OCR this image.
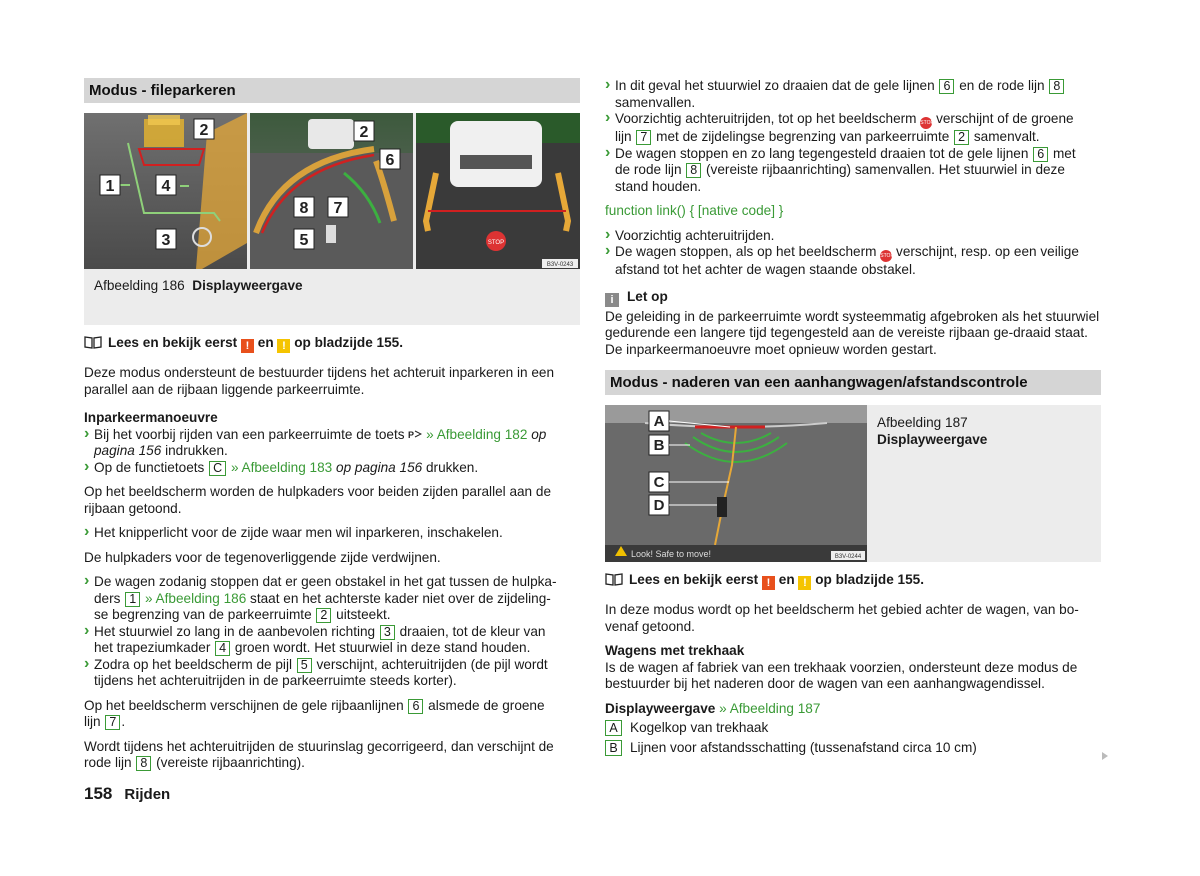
Modus - fileparkeren
STOP
2
1	4
3
2
6
8 7
5
B3V-0243
Afbeelding 186 Displayweergave
Lees en bekijk eerst ! en ! op bladzijde 155.

Deze modus ondersteunt de bestuurder tijdens het achteruit inparkeren in een parallel aan de rijbaan liggende parkeerruimte.

Inparkeermanoeuvre
› Bij het voorbij rijden van een parkeerruimte de toets P » Afbeelding 182 op pagina 156 indrukken.
› Op de functietoets C » Afbeelding 183 op pagina 156 drukken.

Op het beeldscherm worden de hulpkaders voor beiden zijden parallel aan de rijbaan getoond.

› Het knipperlicht voor de zijde waar men wil inparkeren, inschakelen.

De hulpkaders voor de tegenoverliggende zijde verdwijnen.

› De wagen zodanig stoppen dat er geen obstakel in het gat tussen de hulpka-
ders 1 » Afbeelding 186 staat en het achterste kader niet over de zijdeling-
se begrenzing van de parkeerruimte 2 uitsteekt.
› Het stuurwiel zo lang in de aanbevolen richting 3 draaien, tot de kleur van
het trapeziumkader 4 groen wordt. Het stuurwiel in deze stand houden.
› Zodra op het beeldscherm de pijl 5 verschijnt, achteruitrijden (de pijl wordt
tijdens het achteruitrijden in de parkeerruimte steeds korter).

Op het beeldscherm verschijnen de gele rijbaanlijnen 6 alsmede de groene
lijn 7 .

Wordt tijdens het achteruitrijden de stuurinslag gecorrigeerd, dan verschijnt de
rode lijn 8 (vereiste rijbaanrichting).

› In dit geval het stuurwiel zo draaien dat de gele lijnen 6 en de rode lijn 8
samenvallen.
› Voorzichtig achteruitrijden, tot op het beeldscherm STOP verschijnt of de groene
lijn 7 met de zijdelingse begrenzing van parkeerruimte 2 samenvalt.
› De wagen stoppen en zo lang tegengesteld draaien tot de gele lijnen 6 met
de rode lijn 8 (vereiste rijbaanrichting) samenvallen. Het stuurwiel in deze
stand houden.

function link() { [native code] }

› Voorzichtig achteruitrijden.
› De wagen stoppen, als op het beeldscherm STOP verschijnt, resp. op een veilige
afstand tot het achter de wagen staande obstakel.
i Let op
De geleiding in de parkeerruimte wordt systeemmatig afgebroken als het stuurwiel gedurende een langere tijd tegengesteld aan de vereiste rijbaan ge-draaid staat. De inparkeermanoeuvre moet opnieuw worden gestart.
Modus - naderen van een aanhangwagen/afstandscontrole
Look! Safe to move!	B3V-0244
A
B
C
D
Afbeelding 187
Displayweergave
Lees en bekijk eerst ! en ! op bladzijde 155.

In deze modus wordt op het beeldscherm het gebied achter de wagen, van bo-venaf getoond.

Wagens met trekhaak

Is de wagen af fabriek van een trekhaak voorzien, ondersteunt deze modus de bestuurder bij het naderen door de wagen van een aanhangwagendissel.

Displayweergave » Afbeelding 187
A Kogelkop van trekhaak
B Lijnen voor afstandsschatting (tussenafstand circa 10 cm)
158 Rijden
